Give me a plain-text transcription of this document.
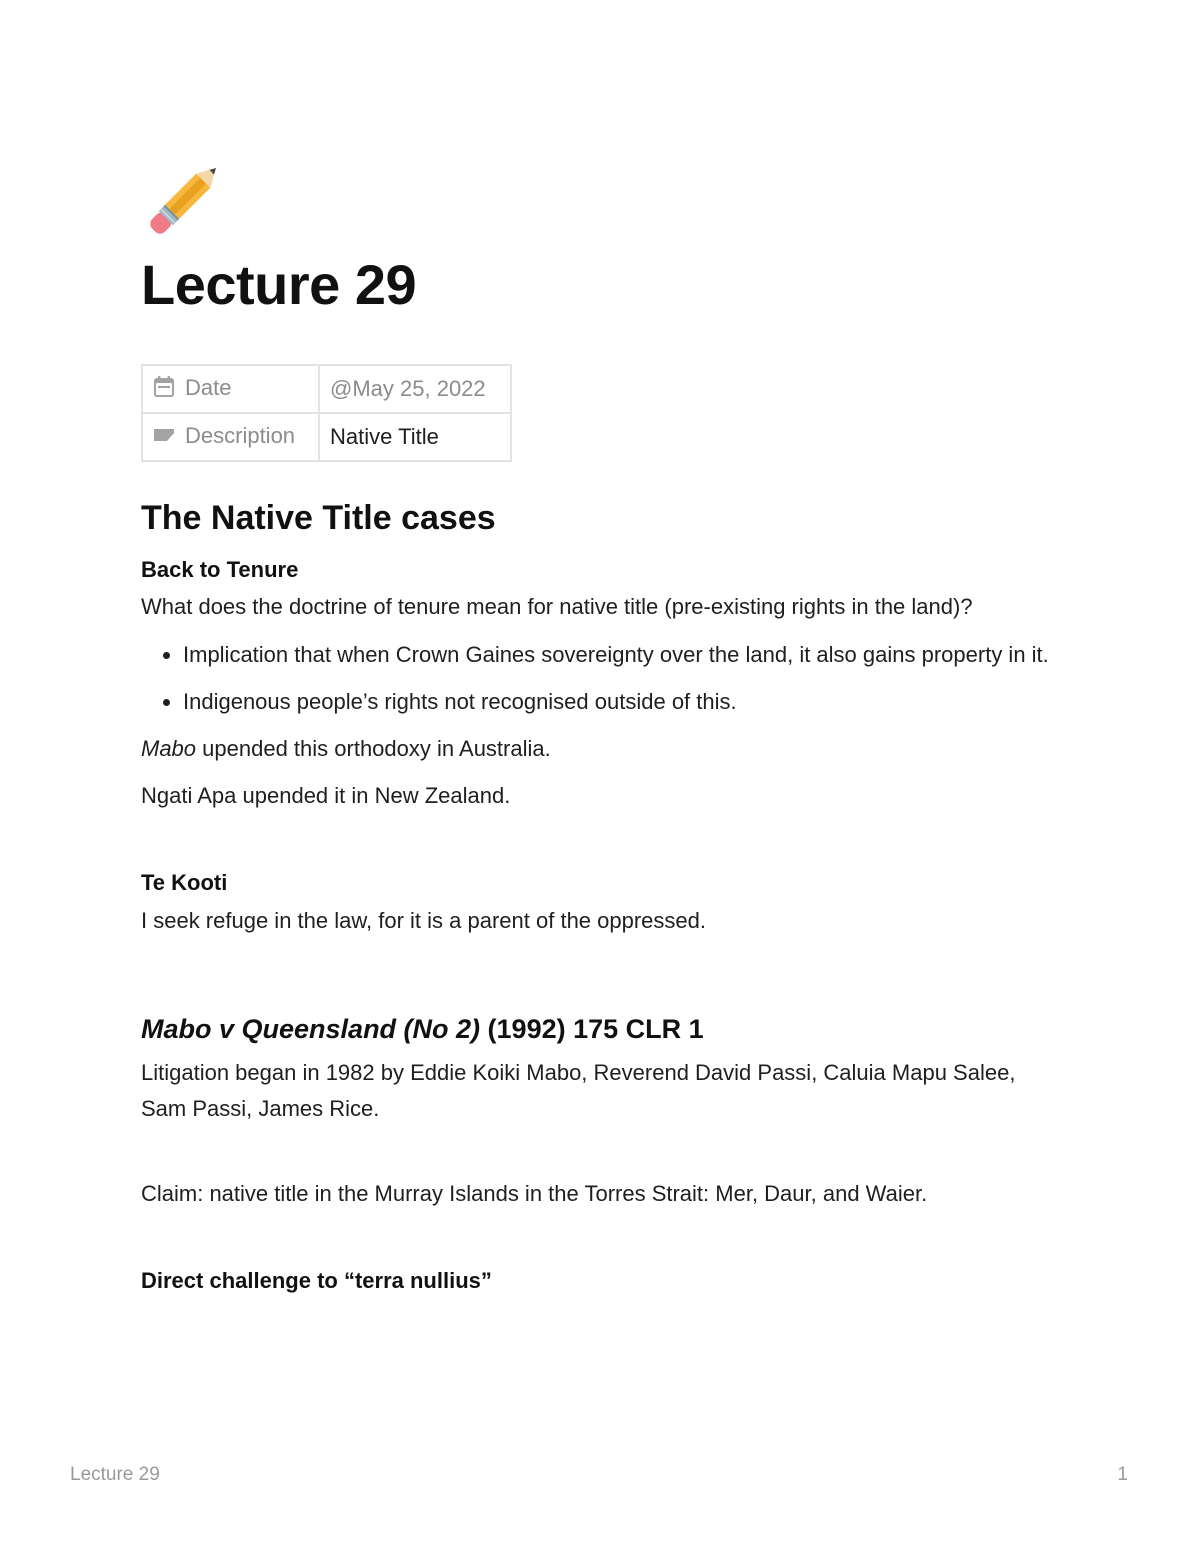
Lecture 29
Date	@May 25, 2022
Description	Native Title
The Native Title cases
Back to Tenure

What does the doctrine of tenure mean for native title (pre-existing rights in the land)?

• Implication that when Crown Gaines sovereignty over the land, it also gains property in it.
• Indigenous people’s rights not recognised outside of this.

Mabo upended this orthodoxy in Australia.

Ngati Apa upended it in New Zealand.

Te Kooti

I seek refuge in the law, for it is a parent of the oppressed.

Mabo v Queensland (No 2) (1992) 175 CLR 1

Litigation began in 1982 by Eddie Koiki Mabo, Reverend David Passi, Caluia Mapu Salee, Sam Passi, James Rice.

Claim: native title in the Murray Islands in the Torres Strait: Mer, Daur, and Waier.

Direct challenge to “terra nullius”
Lecture 29	1
